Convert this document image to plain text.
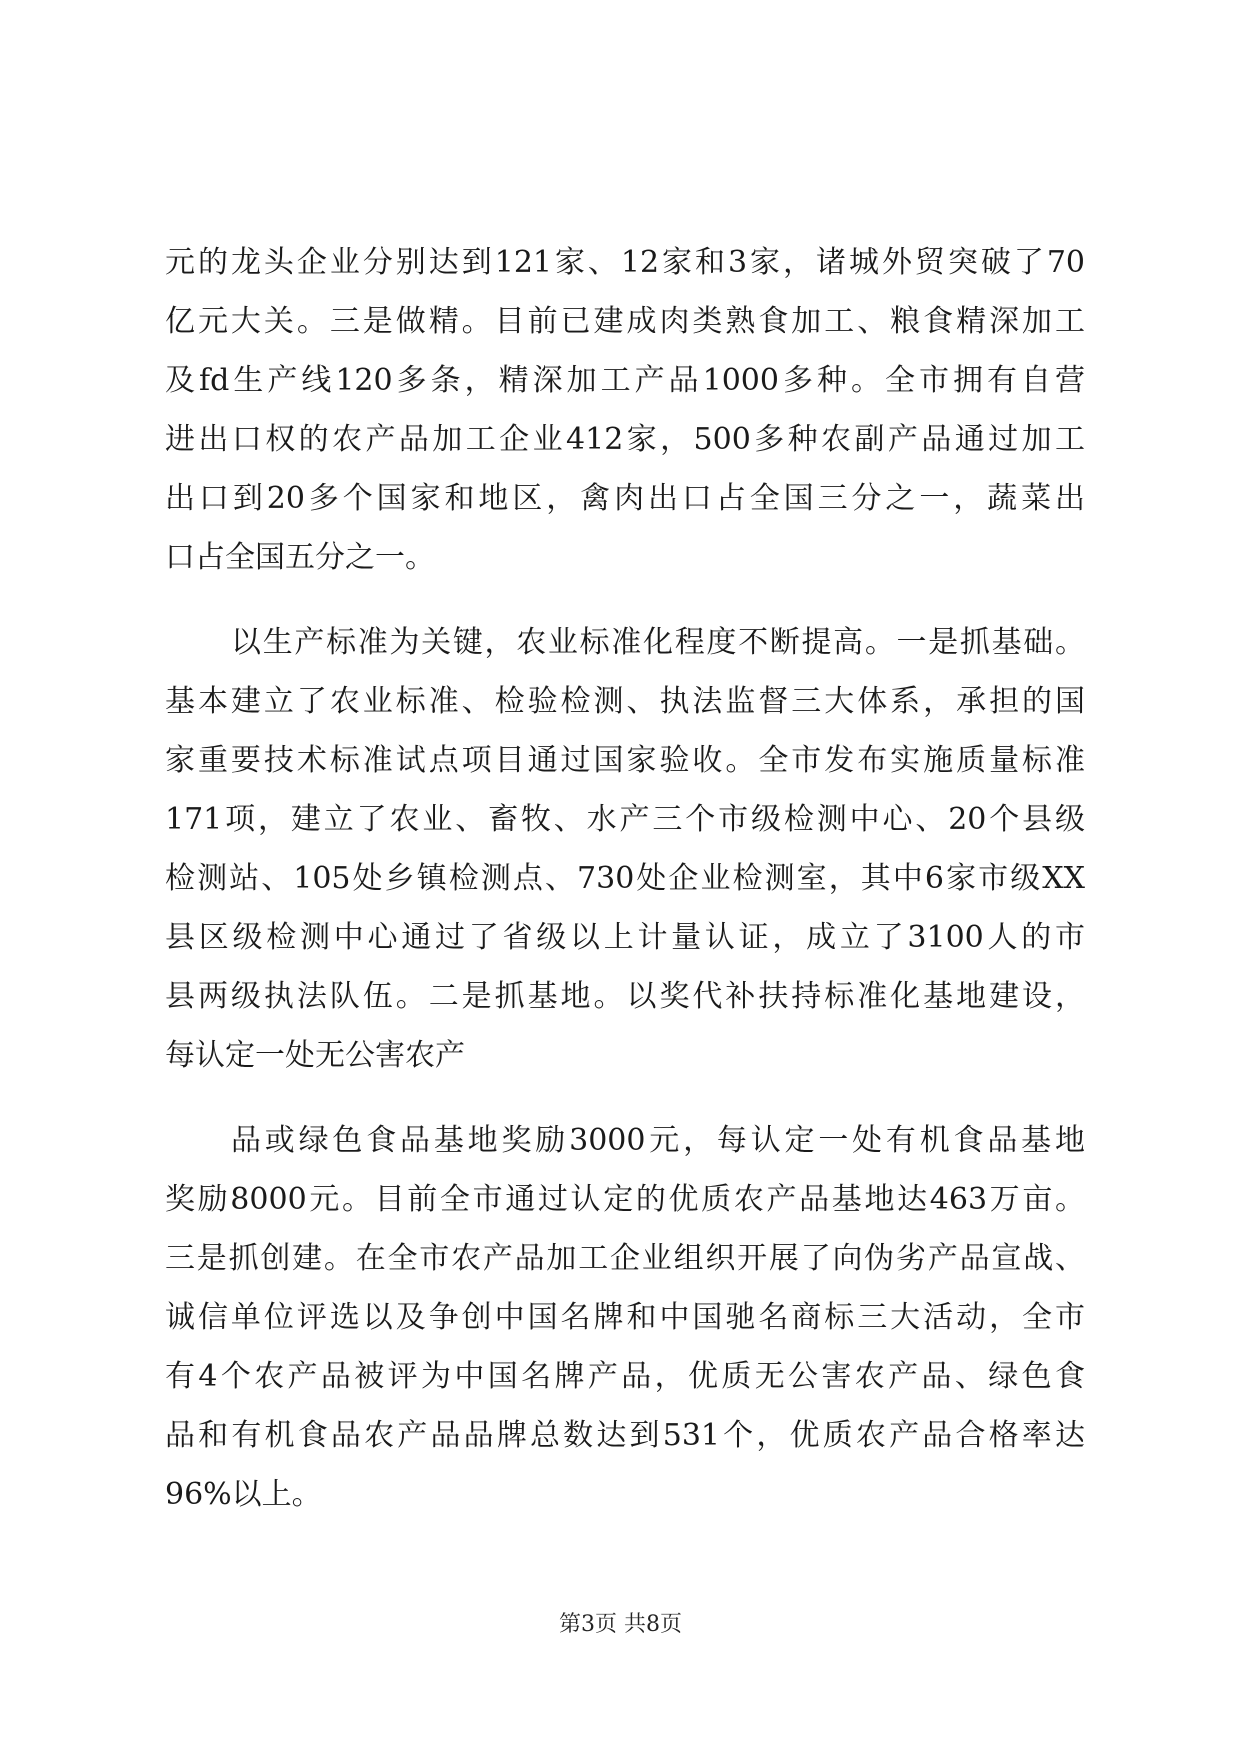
元的龙头企业分别达到121家、12家和3家，诸城外贸突破了70
亿元大关。三是做精。目前已建成肉类熟食加工、粮食精深加工
及fd生产线120多条，精深加工产品1000多种。全市拥有自营
进出口权的农产品加工企业412家，500多种农副产品通过加工
出口到20多个国家和地区，禽肉出口占全国三分之一，蔬菜出
口占全国五分之一。
以生产标准为关键，农业标准化程度不断提高。一是抓基础。
基本建立了农业标准、检验检测、执法监督三大体系，承担的国
家重要技术标准试点项目通过国家验收。全市发布实施质量标准
171项，建立了农业、畜牧、水产三个市级检测中心、20个县级
检测站、105处乡镇检测点、730处企业检测室，其中6家市级XX
县区级检测中心通过了省级以上计量认证，成立了3100人的市
县两级执法队伍。二是抓基地。以奖代补扶持标准化基地建设，
每认定一处无公害农产
品或绿色食品基地奖励3000元，每认定一处有机食品基地
奖励8000元。目前全市通过认定的优质农产品基地达463万亩。
三是抓创建。在全市农产品加工企业组织开展了向伪劣产品宣战、
诚信单位评选以及争创中国名牌和中国驰名商标三大活动，全市
有4个农产品被评为中国名牌产品，优质无公害农产品、绿色食
品和有机食品农产品品牌总数达到531个，优质农产品合格率达
96%以上。
第3页 共8页
